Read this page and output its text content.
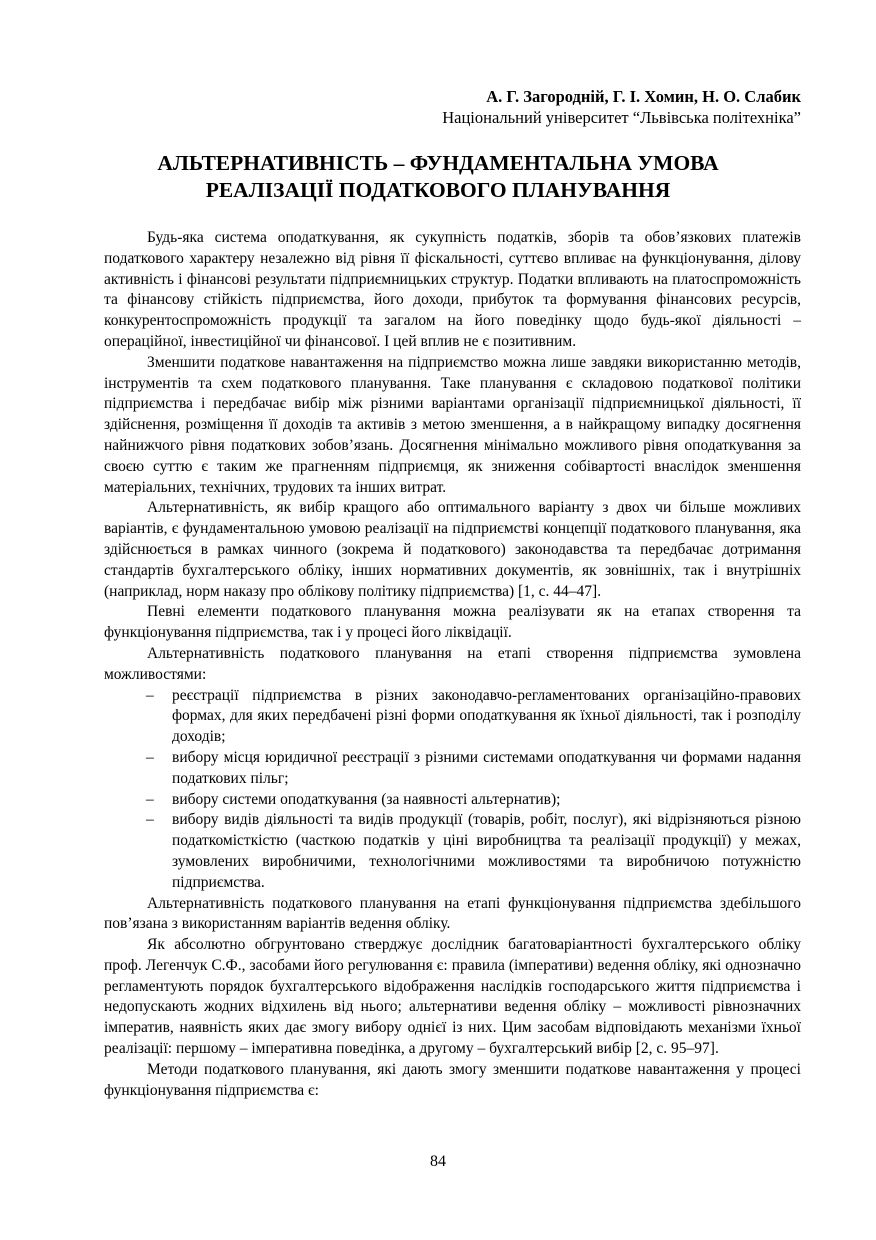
А. Г. Загородній, Г. І. Хомин, Н. О. Слабик
Національний університет “Львівська політехніка”
АЛЬТЕРНАТИВНІСТЬ – ФУНДАМЕНТАЛЬНА УМОВА
РЕАЛІЗАЦІЇ ПОДАТКОВОГО ПЛАНУВАННЯ

Будь-яка система оподаткування, як сукупність податків, зборів та обов’язкових платежів податкового характеру незалежно від рівня її фіскальності, суттєво впливає на функціонування, ділову активність і фінансові результати підприємницьких структур. Податки впливають на платоспроможність та фінансову стійкість підприємства, його доходи, прибуток та формування фінансових ресурсів, конкурентоспроможність продукції та загалом на його поведінку щодо будь-якої діяльності – операційної, інвестиційної чи фінансової. І цей вплив не є позитивним.

Зменшити податкове навантаження на підприємство можна лише завдяки використанню методів, інструментів та схем податкового планування. Таке планування є складовою податкової політики підприємства і передбачає вибір між різними варіантами організації підприємницької діяльності, її здійснення, розміщення її доходів та активів з метою зменшення, а в найкращому випадку досягнення найнижчого рівня податкових зобов’язань. Досягнення мінімально можливого рівня оподаткування за своєю суттю є таким же прагненням підприємця, як зниження собівартості внаслідок зменшення матеріальних, технічних, трудових та інших витрат.

Альтернативність, як вибір кращого або оптимального варіанту з двох чи більше можливих варіантів, є фундаментальною умовою реалізації на підприємстві концепції податкового планування, яка здійснюється в рамках чинного (зокрема й податкового) законодавства та передбачає дотримання стандартів бухгалтерського обліку, інших нормативних документів, як зовнішніх, так і внутрішніх (наприклад, норм наказу про облікову політику підприємства) [1, с. 44–47].

Певні елементи податкового планування можна реалізувати як на етапах створення та функціонування підприємства, так і у процесі його ліквідації.

Альтернативність податкового планування на етапі створення підприємства зумовлена можливостями:

– реєстрації підприємства в різних законодавчо-регламентованих організаційно-правових формах, для яких передбачені різні форми оподаткування як їхньої діяльності, так і розподілу доходів;
– вибору місця юридичної реєстрації з різними системами оподаткування чи формами надання податкових пільг;
– вибору системи оподаткування (за наявності альтернатив);
– вибору видів діяльності та видів продукції (товарів, робіт, послуг), які відрізняються різною податкомісткістю (часткою податків у ціні виробництва та реалізації продукції) у межах, зумовлених виробничими, технологічними можливостями та виробничою потужністю підприємства.

Альтернативність податкового планування на етапі функціонування підприємства здебільшого пов’язана з використанням варіантів ведення обліку.

Як абсолютно обгрунтовано стверджує дослідник багатоваріантності бухгалтерського обліку проф. Легенчук С.Ф., засобами його регулювання є: правила (імперативи) ведення обліку, які однозначно регламентують порядок бухгалтерського відображення наслідків господарського життя підприємства і недопускають жодних відхилень від нього; альтернативи ведення обліку – можливості рівнозначних імператив, наявність яких дає змогу вибору однієї із них. Цим засобам відповідають механізми їхньої реалізації: першому – імперативна поведінка, а другому – бухгалтерський вибір [2, с. 95–97].

Методи податкового планування, які дають змогу зменшити податкове навантаження у процесі функціонування підприємства є:

84
